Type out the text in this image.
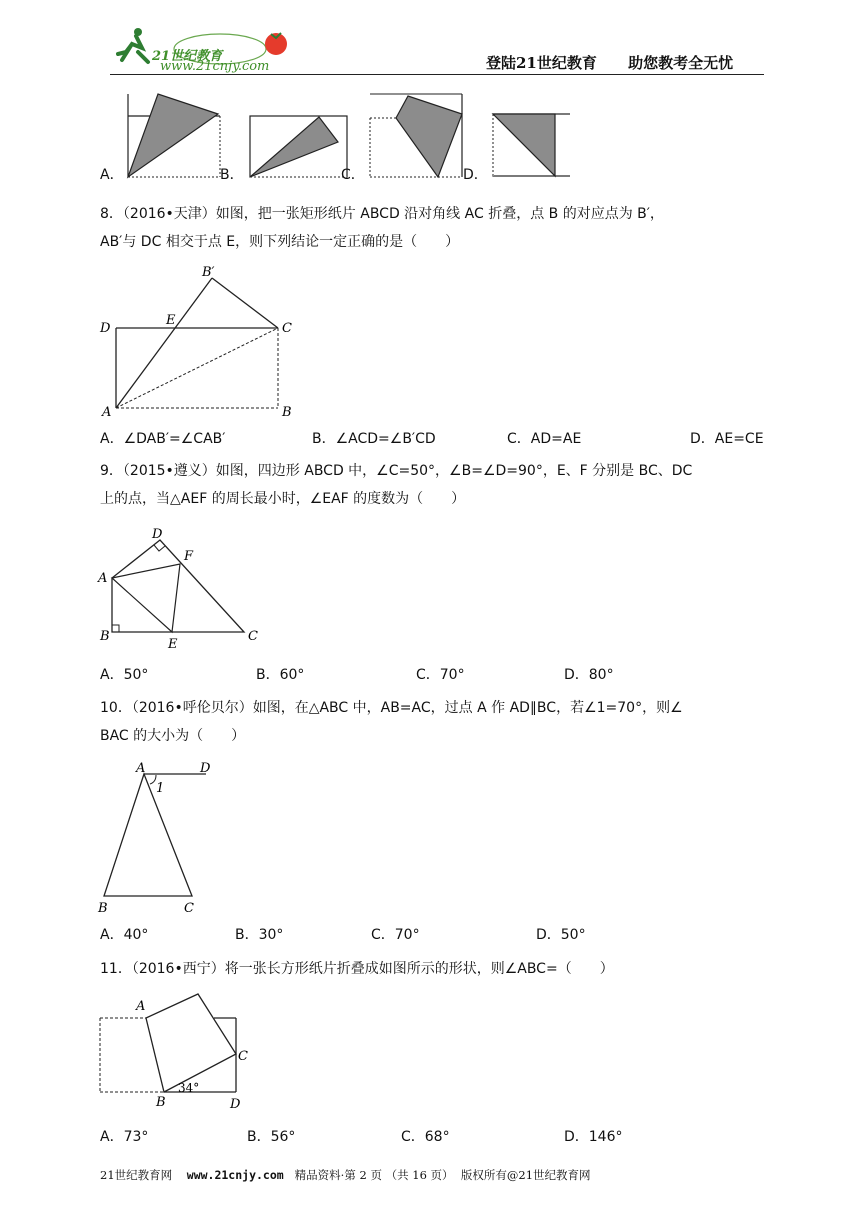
21世纪教育
www.21cnjy.com	登陆21世纪教育 助您教考全无忧
A．	B．	C．	D．
8．（2016•天津）如图，把一张矩形纸片 ABCD 沿对角线 AC 折叠，点 B 的对应点为 B′，
AB′与 DC 相交于点 E，则下列结论一定正确的是（　　）
B′
D
E
C
A	B
A．∠DAB′=∠CAB′	B．∠ACD=∠B′CD	C．AD=AE	D．AE=CE
9．（2015•遵义）如图，四边形 ABCD 中，∠C=50°，∠B=∠D=90°，E、F 分别是 BC、DC
上的点，当△AEF 的周长最小时，∠EAF 的度数为（　　）
D
F
A
B
E
C
A．50°	B．60°	C．70°	D．80°
10．（2016•呼伦贝尔）如图，在△ABC 中，AB=AC，过点 A 作 AD∥BC，若∠1=70°，则∠
BAC 的大小为（　　）
A	D
1
B	C
A．40°	B．30°	C．70°	D．50°
11．（2016•西宁）将一张长方形纸片折叠成如图所示的形状，则∠ABC=（　　）
A
C
34°
B	D
A．73°	B．56°	C．68°	D．146°
21世纪教育网 www.21cnjy.com 精品资料·第 2 页 （共 16 页） 版权所有@21世纪教育网
